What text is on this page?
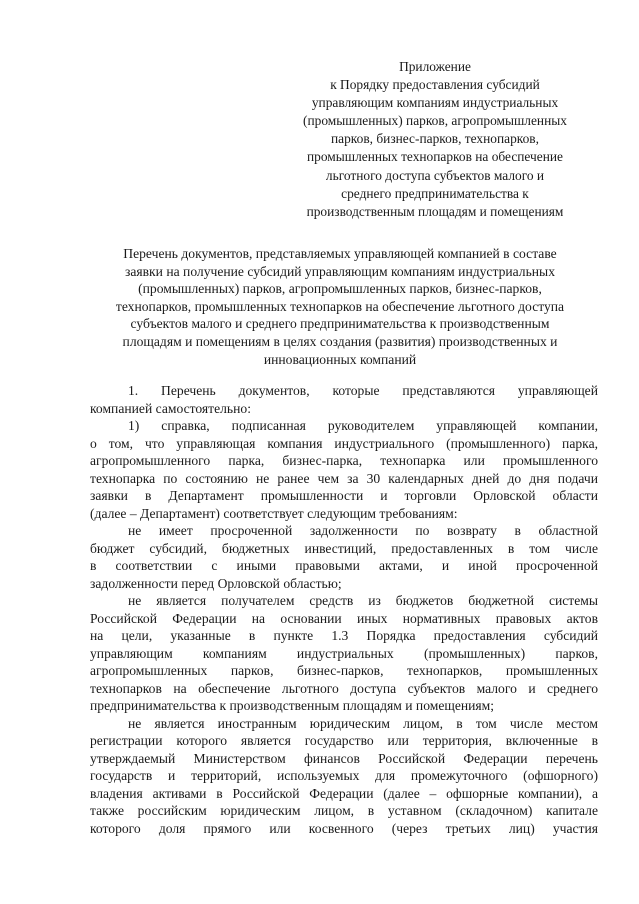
Приложение
к Порядку предоставления субсидий
управляющим компаниям индустриальных
(промышленных) парков, агропромышленных
парков, бизнес-парков, технопарков,
промышленных технопарков на обеспечение
льготного доступа субъектов малого и
среднего предпринимательства к
производственным площадям и помещениям
Перечень документов, представляемых управляющей компанией в составе
заявки на получение субсидий управляющим компаниям индустриальных
(промышленных) парков, агропромышленных парков, бизнес-парков,
технопарков, промышленных технопарков на обеспечение льготного доступа
субъектов малого и среднего предпринимательства к производственным
площадям и помещениям в целях создания (развития) производственных и
инновационных компаний
1. Перечень документов, которые представляются управляющей
компанией самостоятельно:
1) справка, подписанная руководителем управляющей компании,
о том, что управляющая компания индустриального (промышленного) парка,
агропромышленного парка, бизнес-парка, технопарка или промышленного
технопарка по состоянию не ранее чем за 30 календарных дней до дня подачи
заявки в Департамент промышленности и торговли Орловской области
(далее – Департамент) соответствует следующим требованиям:
не имеет просроченной задолженности по возврату в областной
бюджет субсидий, бюджетных инвестиций, предоставленных в том числе
в соответствии с иными правовыми актами, и иной просроченной
задолженности перед Орловской областью;
не является получателем средств из бюджетов бюджетной системы
Российской Федерации на основании иных нормативных правовых актов
на цели, указанные в пункте 1.3 Порядка предоставления субсидий
управляющим компаниям индустриальных (промышленных) парков,
агропромышленных парков, бизнес-парков, технопарков, промышленных
технопарков на обеспечение льготного доступа субъектов малого и среднего
предпринимательства к производственным площадям и помещениям;
не является иностранным юридическим лицом, в том числе местом
регистрации которого является государство или территория, включенные в
утверждаемый Министерством финансов Российской Федерации перечень
государств и территорий, используемых для промежуточного (офшорного)
владения активами в Российской Федерации (далее – офшорные компании), а
также российским юридическим лицом, в уставном (складочном) капитале
которого доля прямого или косвенного (через третьих лиц) участия
